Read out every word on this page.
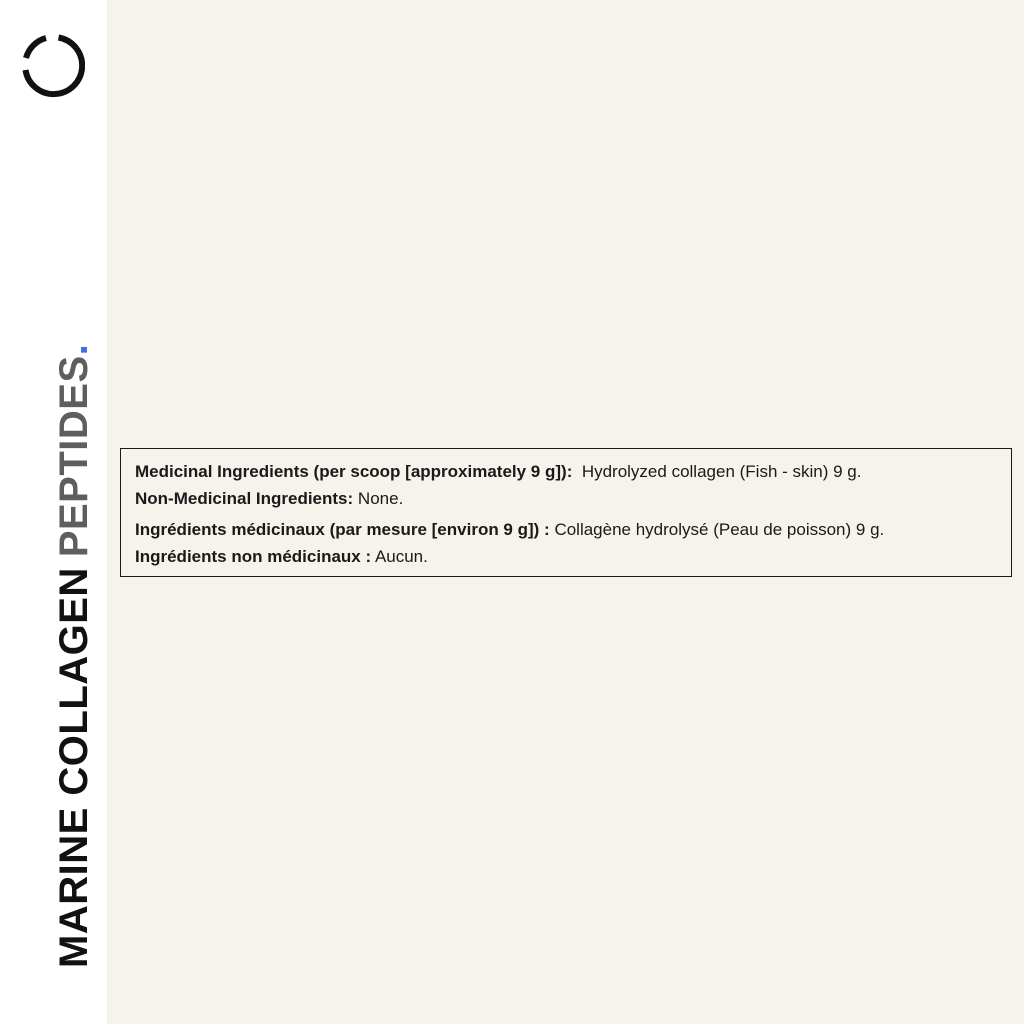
MARINE COLLAGEN
PEPTIDES
.
Medicinal Ingredients (per scoop [approximately 9 g]): Hydrolyzed collagen (Fish - skin) 9 g.
Non-Medicinal Ingredients: None.
Ingrédients médicinaux (par mesure [environ 9 g]) : Collagène hydrolysé (Peau de poisson) 9 g.
Ingrédients non médicinaux : Aucun.
